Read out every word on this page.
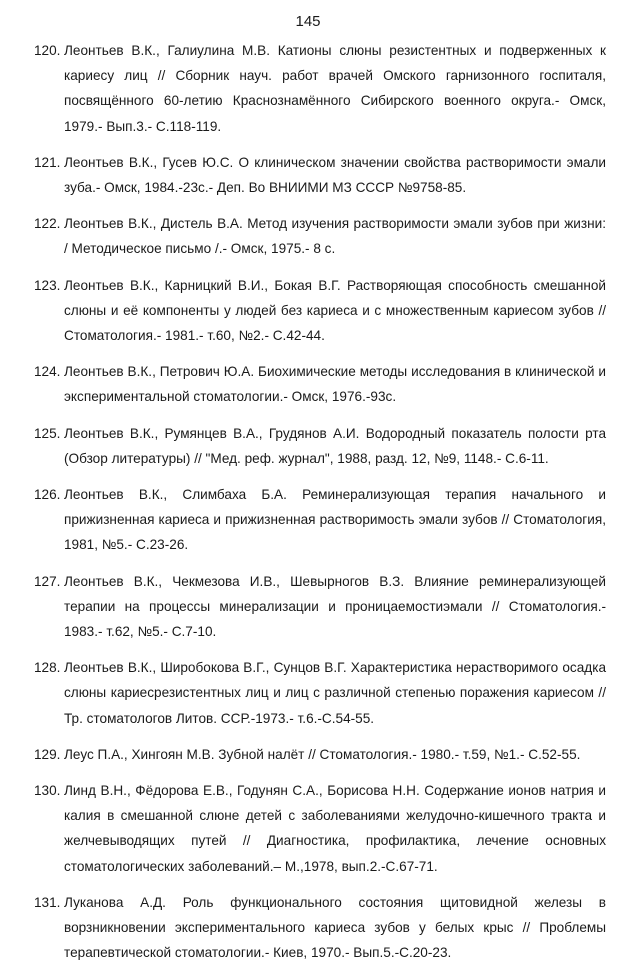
145
120. Леонтьев В.К., Галиулина М.В. Катионы слюны резистентных и подверженных к кариесу лиц // Сборник науч. работ врачей Омского гарнизонного госпиталя, посвящённого 60-летию Краснознамённого Сибирского военного округа.- Омск, 1979.- Вып.3.- С.118-119.
121. Леонтьев В.К., Гусев Ю.С. О клиническом значении свойства растворимости эмали зуба.- Омск, 1984.-23с.- Деп. Во ВНИИМИ МЗ СССР №9758-85.
122. Леонтьев В.К., Дистель В.А. Метод изучения растворимости эмали зубов при жизни: / Методическое письмо /.- Омск, 1975.- 8 с.
123. Леонтьев В.К., Карницкий В.И., Бокая В.Г. Растворяющая способность смешанной слюны и её компоненты у людей без кариеса и с множественным кариесом зубов // Стоматология.- 1981.- т.60, №2.- С.42-44.
124. Леонтьев В.К., Петрович Ю.А. Биохимические методы исследования в клинической и экспериментальной стоматологии.- Омск, 1976.-93с.
125. Леонтьев В.К., Румянцев В.А., Грудянов А.И. Водородный показатель полости рта (Обзор литературы) // "Мед. реф. журнал", 1988, разд. 12, №9, 1148.- С.6-11.
126. Леонтьев В.К., Слимбаха Б.А. Реминерализующая терапия начального и прижизненная кариеса и прижизненная растворимость эмали зубов // Стоматология, 1981, №5.- С.23-26.
127. Леонтьев В.К., Чекмезова И.В., Шевырногов В.З. Влияние реминерализующей терапии на процессы минерализации и проницаемостиэмали // Стоматология.- 1983.- т.62, №5.- С.7-10.
128. Леонтьев В.К., Широбокова В.Г., Сунцов В.Г. Характеристика нерастворимого осадка слюны кариесрезистентных лиц и лиц с различной степенью поражения кариесом // Тр. стоматологов Литов. ССР.-1973.- т.6.-С.54-55.
129. Леус П.А., Хингоян М.В. Зубной налёт // Стоматология.- 1980.- т.59, №1.- С.52-55.
130. Линд В.Н., Фёдорова Е.В., Годунян С.А., Борисова Н.Н. Содержание ионов натрия и калия в смешанной слюне детей с заболеваниями желудочно-кишечного тракта и желчевыводящих путей // Диагностика, профилактика, лечение основных стоматологических заболеваний.– М.,1978, вып.2.-С.67-71.
131. Луканова А.Д. Роль функционального состояния щитовидной железы в ворзникновении экспериментального кариеса зубов у белых крыс // Проблемы терапевтической стоматологии.- Киев, 1970.- Вып.5.-С.20-23.
